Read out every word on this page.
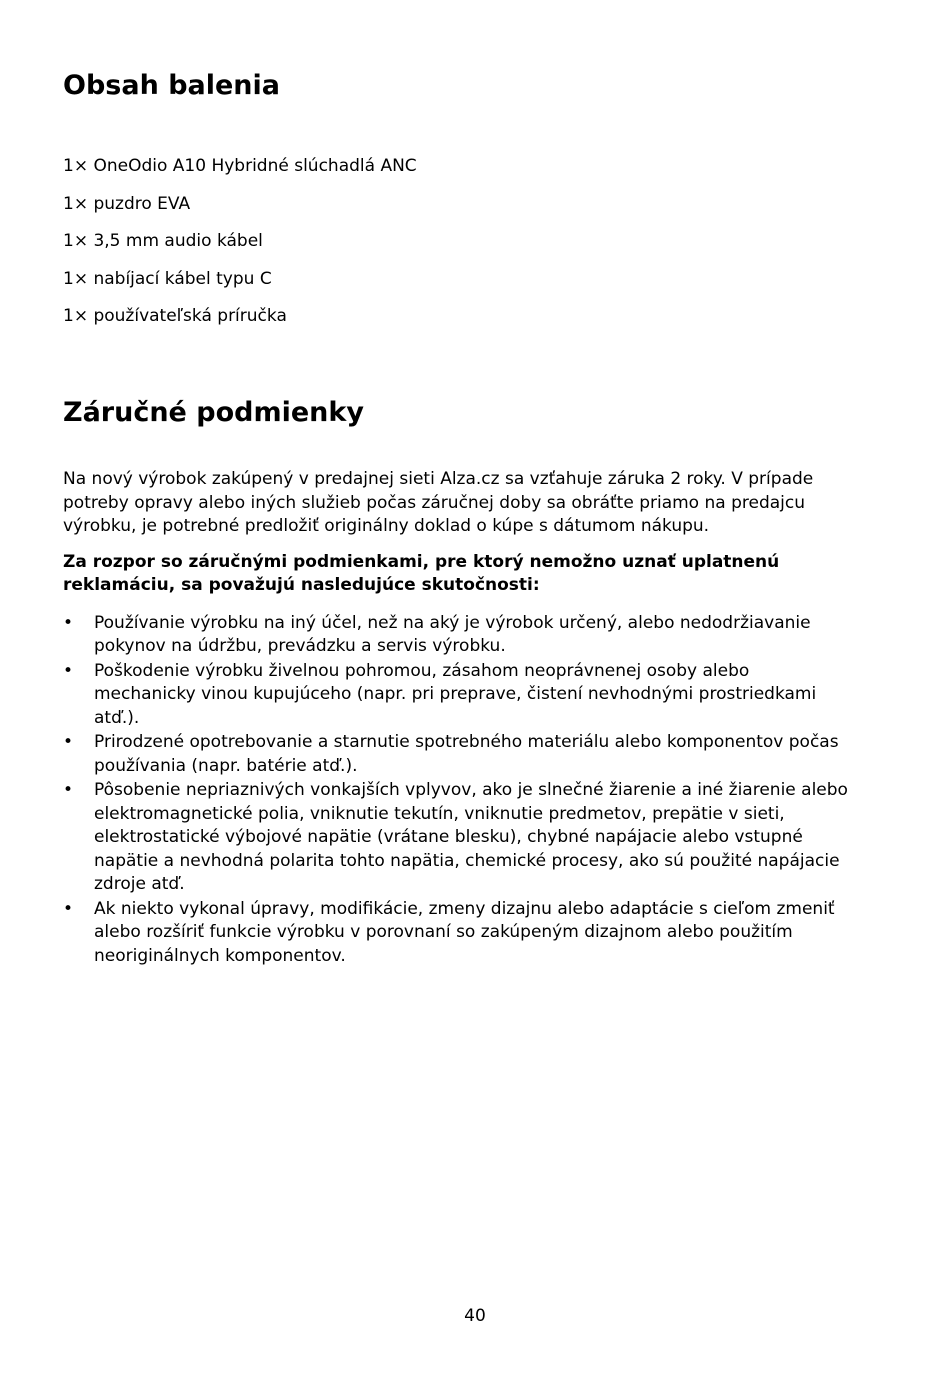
Obsah balenia
1× OneOdio A10 Hybridné slúchadlá ANC
1× puzdro EVA
1× 3,5 mm audio kábel
1× nabíjací kábel typu C
1× používateľská príručka
Záručné podmienky

Na nový výrobok zakúpený v predajnej sieti Alza.cz sa vzťahuje záruka 2 roky. V prípade potreby opravy alebo iných služieb počas záručnej doby sa obráťte priamo na predajcu výrobku, je potrebné predložiť originálny doklad o kúpe s dátumom nákupu.

Za rozpor so záručnými podmienkami, pre ktorý nemožno uznať uplatnenú reklamáciu, sa považujú nasledujúce skutočnosti:

• Používanie výrobku na iný účel, než na aký je výrobok určený, alebo nedodržiavanie pokynov na údržbu, prevádzku a servis výrobku.
• Poškodenie výrobku živelnou pohromou, zásahom neoprávnenej osoby alebo mechanicky vinou kupujúceho (napr. pri preprave, čistení nevhodnými prostriedkami atď.).
• Prirodzené opotrebovanie a starnutie spotrebného materiálu alebo komponentov počas používania (napr. batérie atď.).
• Pôsobenie nepriaznivých vonkajších vplyvov, ako je slnečné žiarenie a iné žiarenie alebo elektromagnetické polia, vniknutie tekutín, vniknutie predmetov, prepätie v sieti, elektrostatické výbojové napätie (vrátane blesku), chybné napájacie alebo vstupné napätie a nevhodná polarita tohto napätia, chemické procesy, ako sú použité napájacie zdroje atď.
• Ak niekto vykonal úpravy, modifikácie, zmeny dizajnu alebo adaptácie s cieľom zmeniť alebo rozšíriť funkcie výrobku v porovnaní so zakúpeným dizajnom alebo použitím neoriginálnych komponentov.
40
